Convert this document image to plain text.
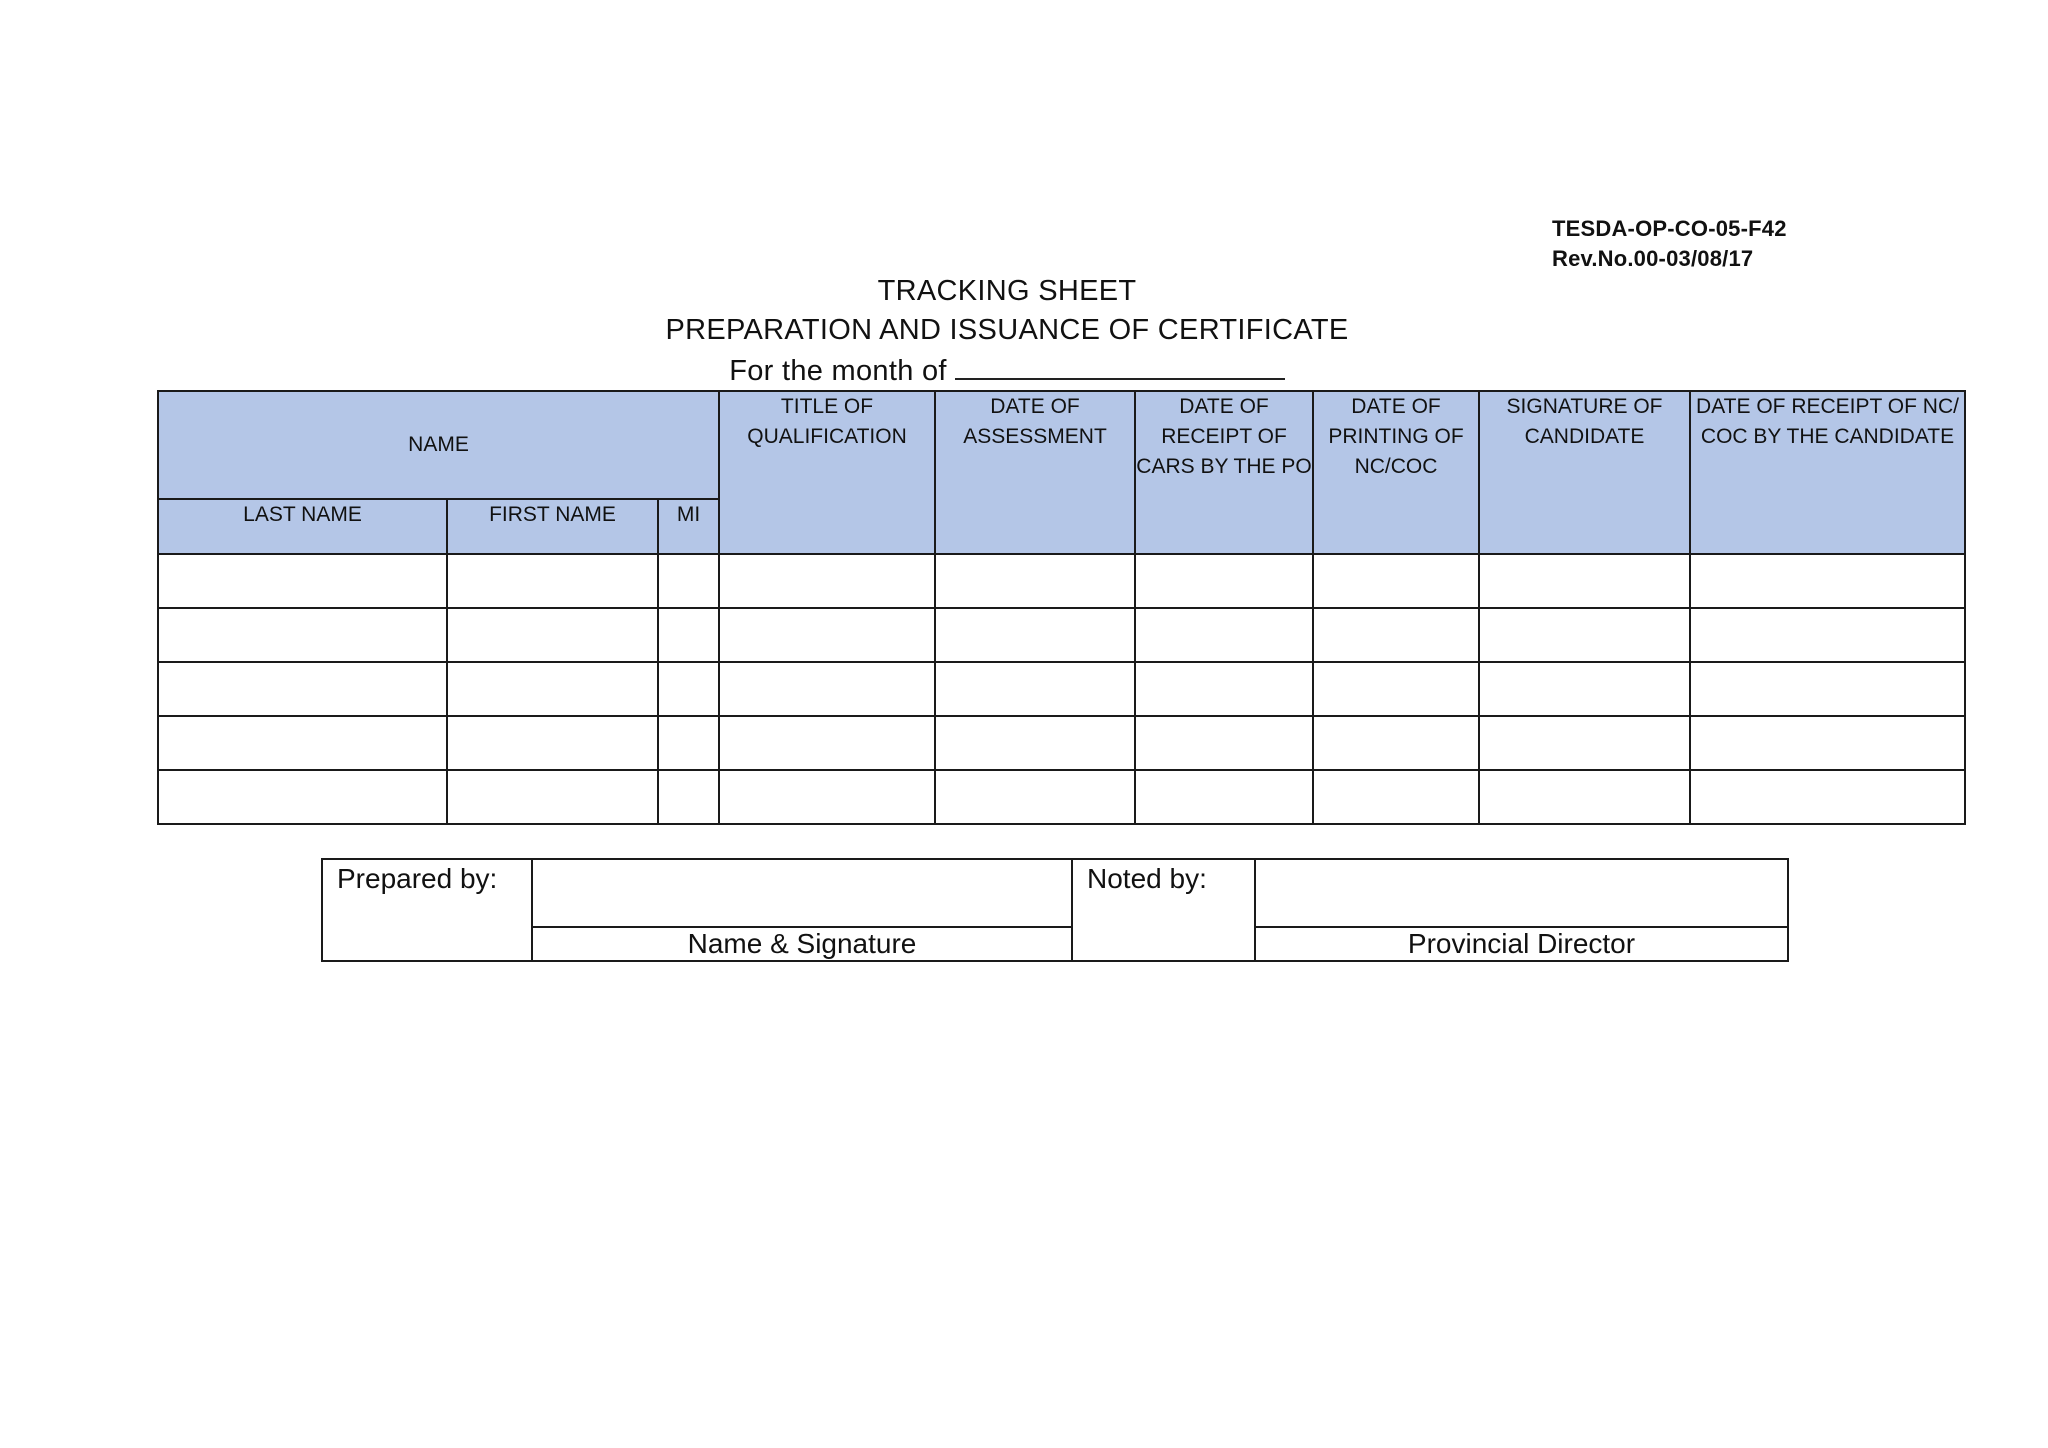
TESDA-OP-CO-05-F42
Rev.No.00-03/08/17
TRACKING SHEET
PREPARATION AND ISSUANCE OF CERTIFICATE
For the month of
NAME			TITLE OF QUALIFICATION	DATE OF ASSESSMENT	DATE OF RECEIPT OF CARS BY THE PO	DATE OF PRINTING OF NC/COC	SIGNATURE OF CANDIDATE	DATE OF RECEIPT OF NC/ COC BY THE CANDIDATE
LAST NAME	FIRST NAME	MI						

Prepared by:		Noted by:	
	Name & Signature		Provincial Director
